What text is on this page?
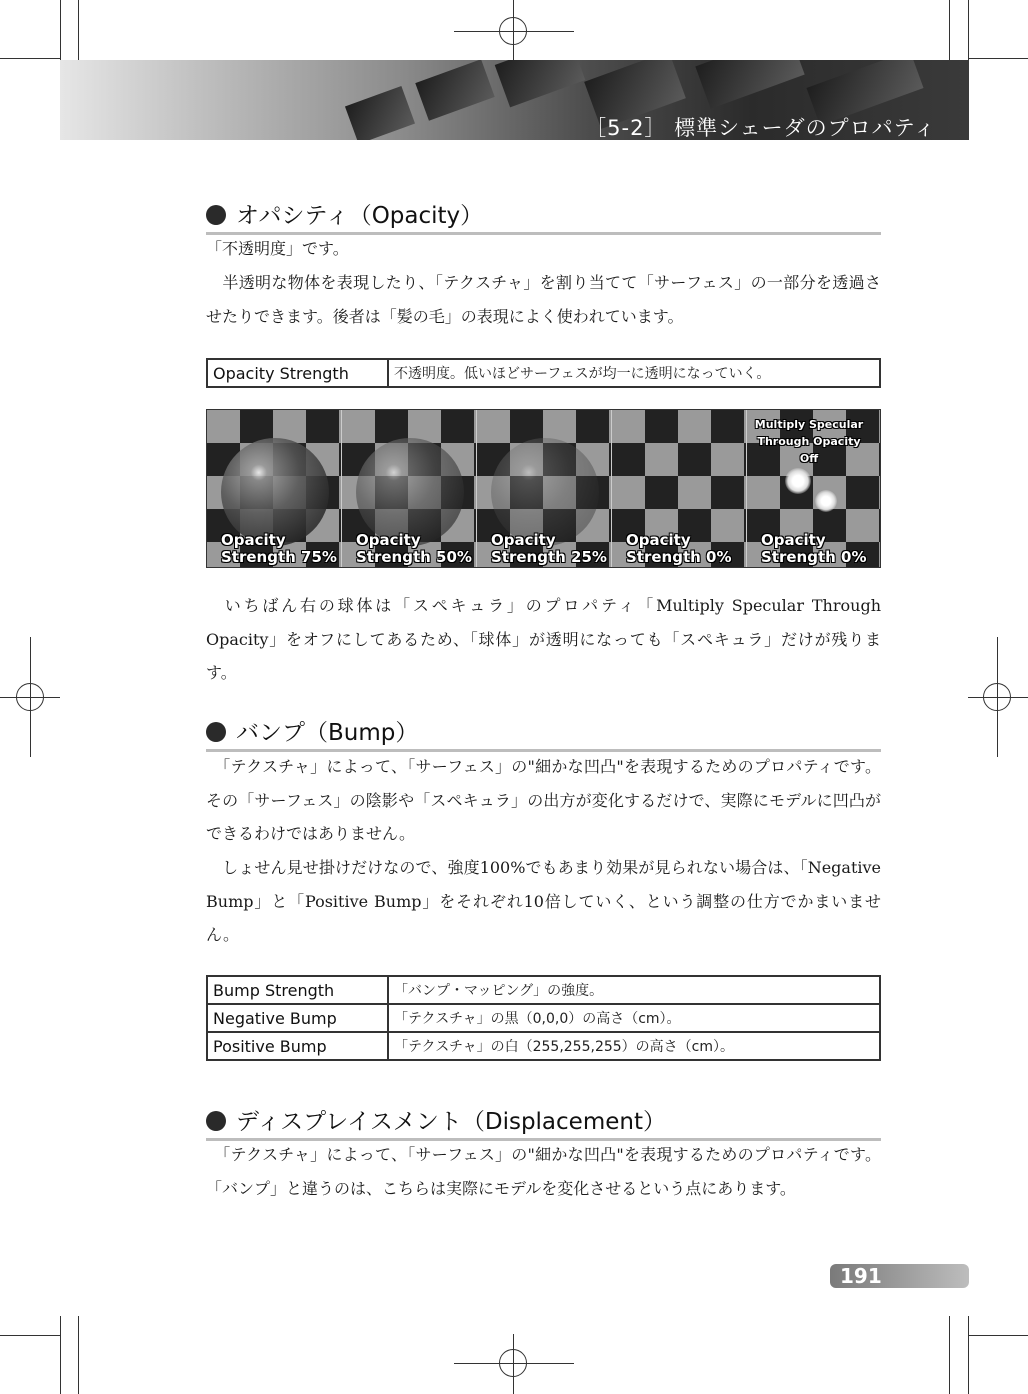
［5-2］ 標準シェーダのプロパティ
オパシティ（Opacity）
「不透明度」です。
　半透明な物体を表現したり、「テクスチャ」を割り当てて「サーフェス」の一部分を透過させたりできます。後者は「髪の毛」の表現によく使われています。
Opacity Strength	不透明度。低いほどサーフェスが均一に透明になっていく。
Opacity
Strength 75%
Opacity
Strength 50%
Opacity
Strength 25%
Opacity
Strength 0%
Multiply Specular
Through Opacity
Off
Opacity
Strength 0%
　いちばん右の球体は「スペキュラ」のプロパティ「Multiply Specular Through Opacity」をオフにしてあるため、「球体」が透明になっても「スペキュラ」だけが残ります。
バンプ（Bump）
　「テクスチャ」によって、「サーフェス」の"細かな凹凸"を表現するためのプロパティです。その「サーフェス」の陰影や「スペキュラ」の出方が変化するだけで、実際にモデルに凹凸ができるわけではありません。
　しょせん見せ掛けだけなので、強度100%でもあまり効果が見られない場合は、「Negative Bump」と「Positive Bump」をそれぞれ10倍していく、という調整の仕方でかまいません。
Bump Strength	「バンプ・マッピング」の強度。
Negative Bump	「テクスチャ」の黒（0,0,0）の高さ（cm）。
Positive Bump	「テクスチャ」の白（255,255,255）の高さ（cm）。
ディスプレイスメント（Displacement）
　「テクスチャ」によって、「サーフェス」の"細かな凹凸"を表現するためのプロパティです。「バンプ」と違うのは、こちらは実際にモデルを変化させるという点にあります。
191
